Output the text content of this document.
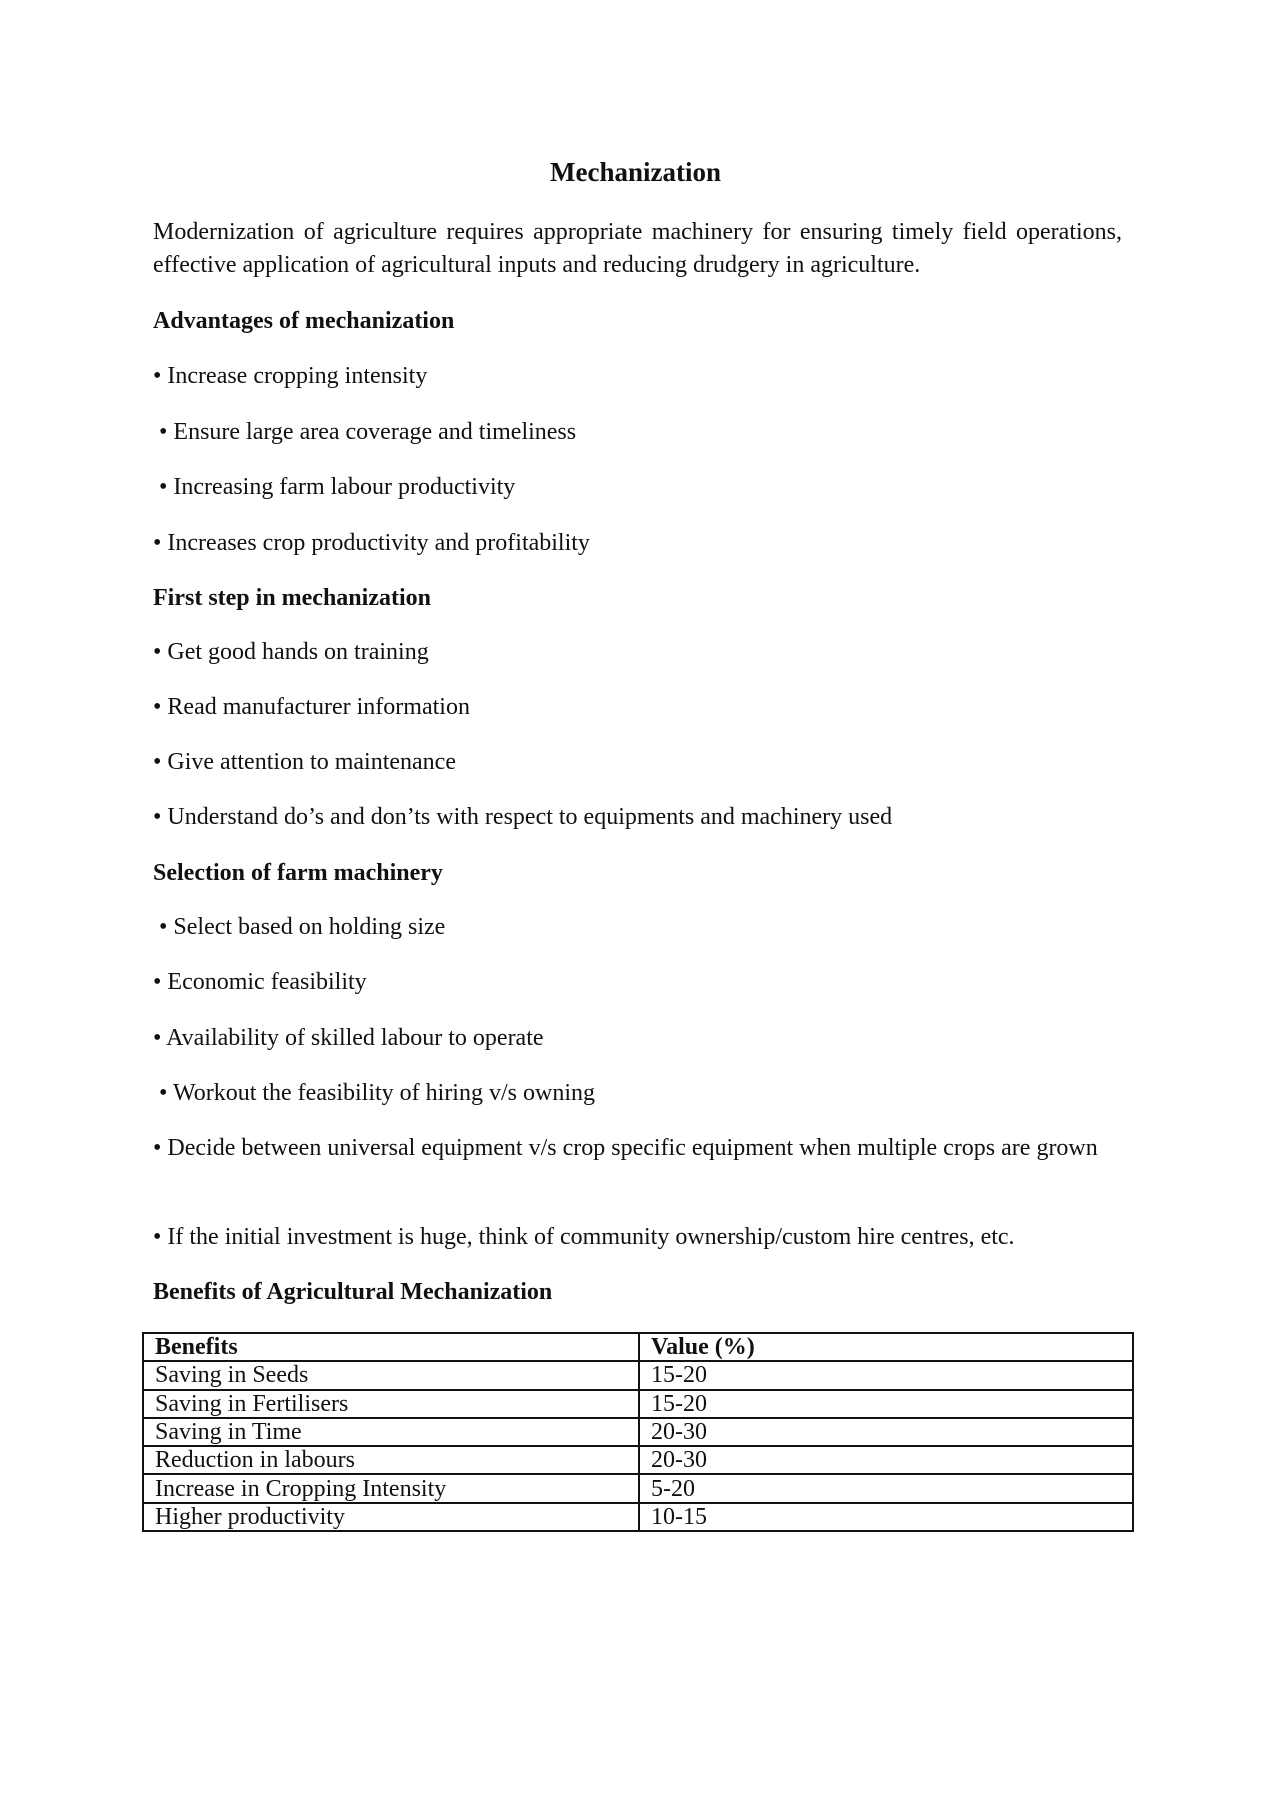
Mechanization
Modernization of agriculture requires appropriate machinery for ensuring timely field operations, effective application of agricultural inputs and reducing drudgery in agriculture.
Advantages of mechanization
• Increase cropping intensity
• Ensure large area coverage and timeliness
• Increasing farm labour productivity
• Increases crop productivity and profitability
First step in mechanization
• Get good hands on training
• Read manufacturer information
• Give attention to maintenance
• Understand do’s and don’ts with respect to equipments and machinery used
Selection of farm machinery
• Select based on holding size
• Economic feasibility
• Availability of skilled labour to operate
• Workout the feasibility of hiring v/s owning
• Decide between universal equipment v/s crop specific equipment when multiple crops are grown
• If the initial investment is huge, think of community ownership/custom hire centres, etc.
Benefits of Agricultural Mechanization
Benefits	Value (%)
Saving in Seeds	15-20
Saving in Fertilisers	15-20
Saving in Time	20-30
Reduction in labours	20-30
Increase in Cropping Intensity	5-20
Higher productivity	10-15
